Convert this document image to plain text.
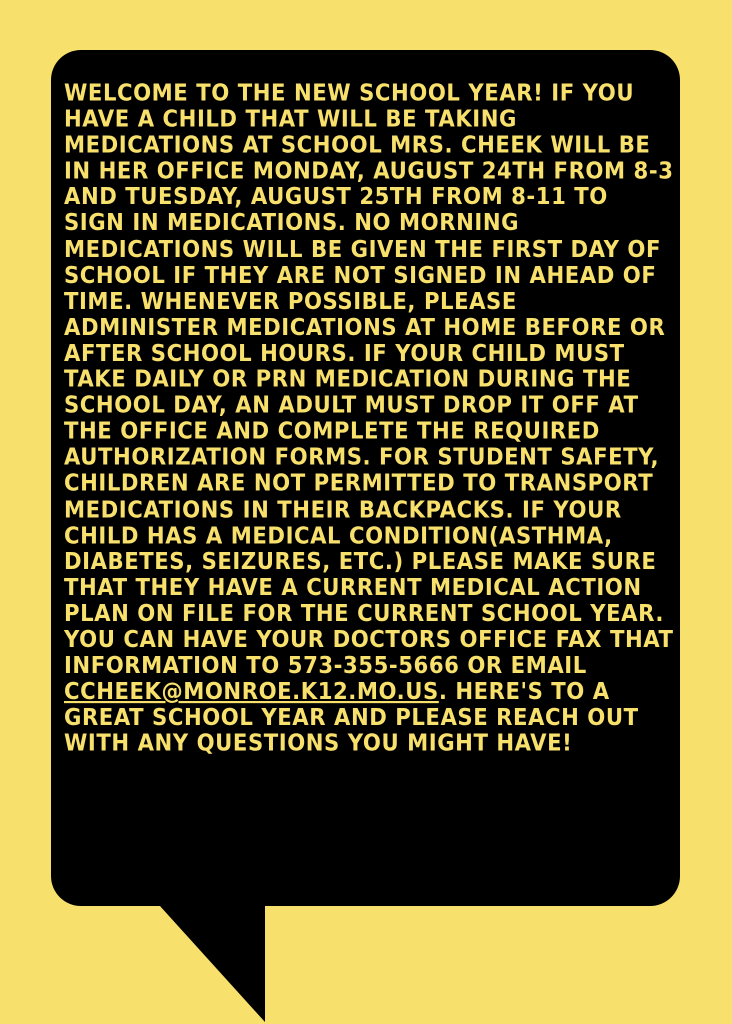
WELCOME TO THE NEW SCHOOL YEAR! IF YOU HAVE A CHILD THAT WILL BE TAKING MEDICATIONS AT SCHOOL MRS. CHEEK WILL BE IN HER OFFICE MONDAY, AUGUST 24TH FROM 8-3 AND TUESDAY, AUGUST 25TH FROM 8-11 TO SIGN IN MEDICATIONS. NO MORNING MEDICATIONS WILL BE GIVEN THE FIRST DAY OF SCHOOL IF THEY ARE NOT SIGNED IN AHEAD OF TIME. WHENEVER POSSIBLE, PLEASE ADMINISTER MEDICATIONS AT HOME BEFORE OR AFTER SCHOOL HOURS. IF YOUR CHILD MUST TAKE DAILY OR PRN MEDICATION DURING THE SCHOOL DAY, AN ADULT MUST DROP IT OFF AT THE OFFICE AND COMPLETE THE REQUIRED AUTHORIZATION FORMS. FOR STUDENT SAFETY, CHILDREN ARE NOT PERMITTED TO TRANSPORT MEDICATIONS IN THEIR BACKPACKS. IF YOUR CHILD HAS A MEDICAL CONDITION(ASTHMA, DIABETES, SEIZURES, ETC.) PLEASE MAKE SURE THAT THEY HAVE A CURRENT MEDICAL ACTION PLAN ON FILE FOR THE CURRENT SCHOOL YEAR. YOU CAN HAVE YOUR DOCTORS OFFICE FAX THAT INFORMATION TO 573-355-5666 OR EMAIL CCHEEK@MONROE.K12.MO.US. HERE'S TO A GREAT SCHOOL YEAR AND PLEASE REACH OUT WITH ANY QUESTIONS YOU MIGHT HAVE!
